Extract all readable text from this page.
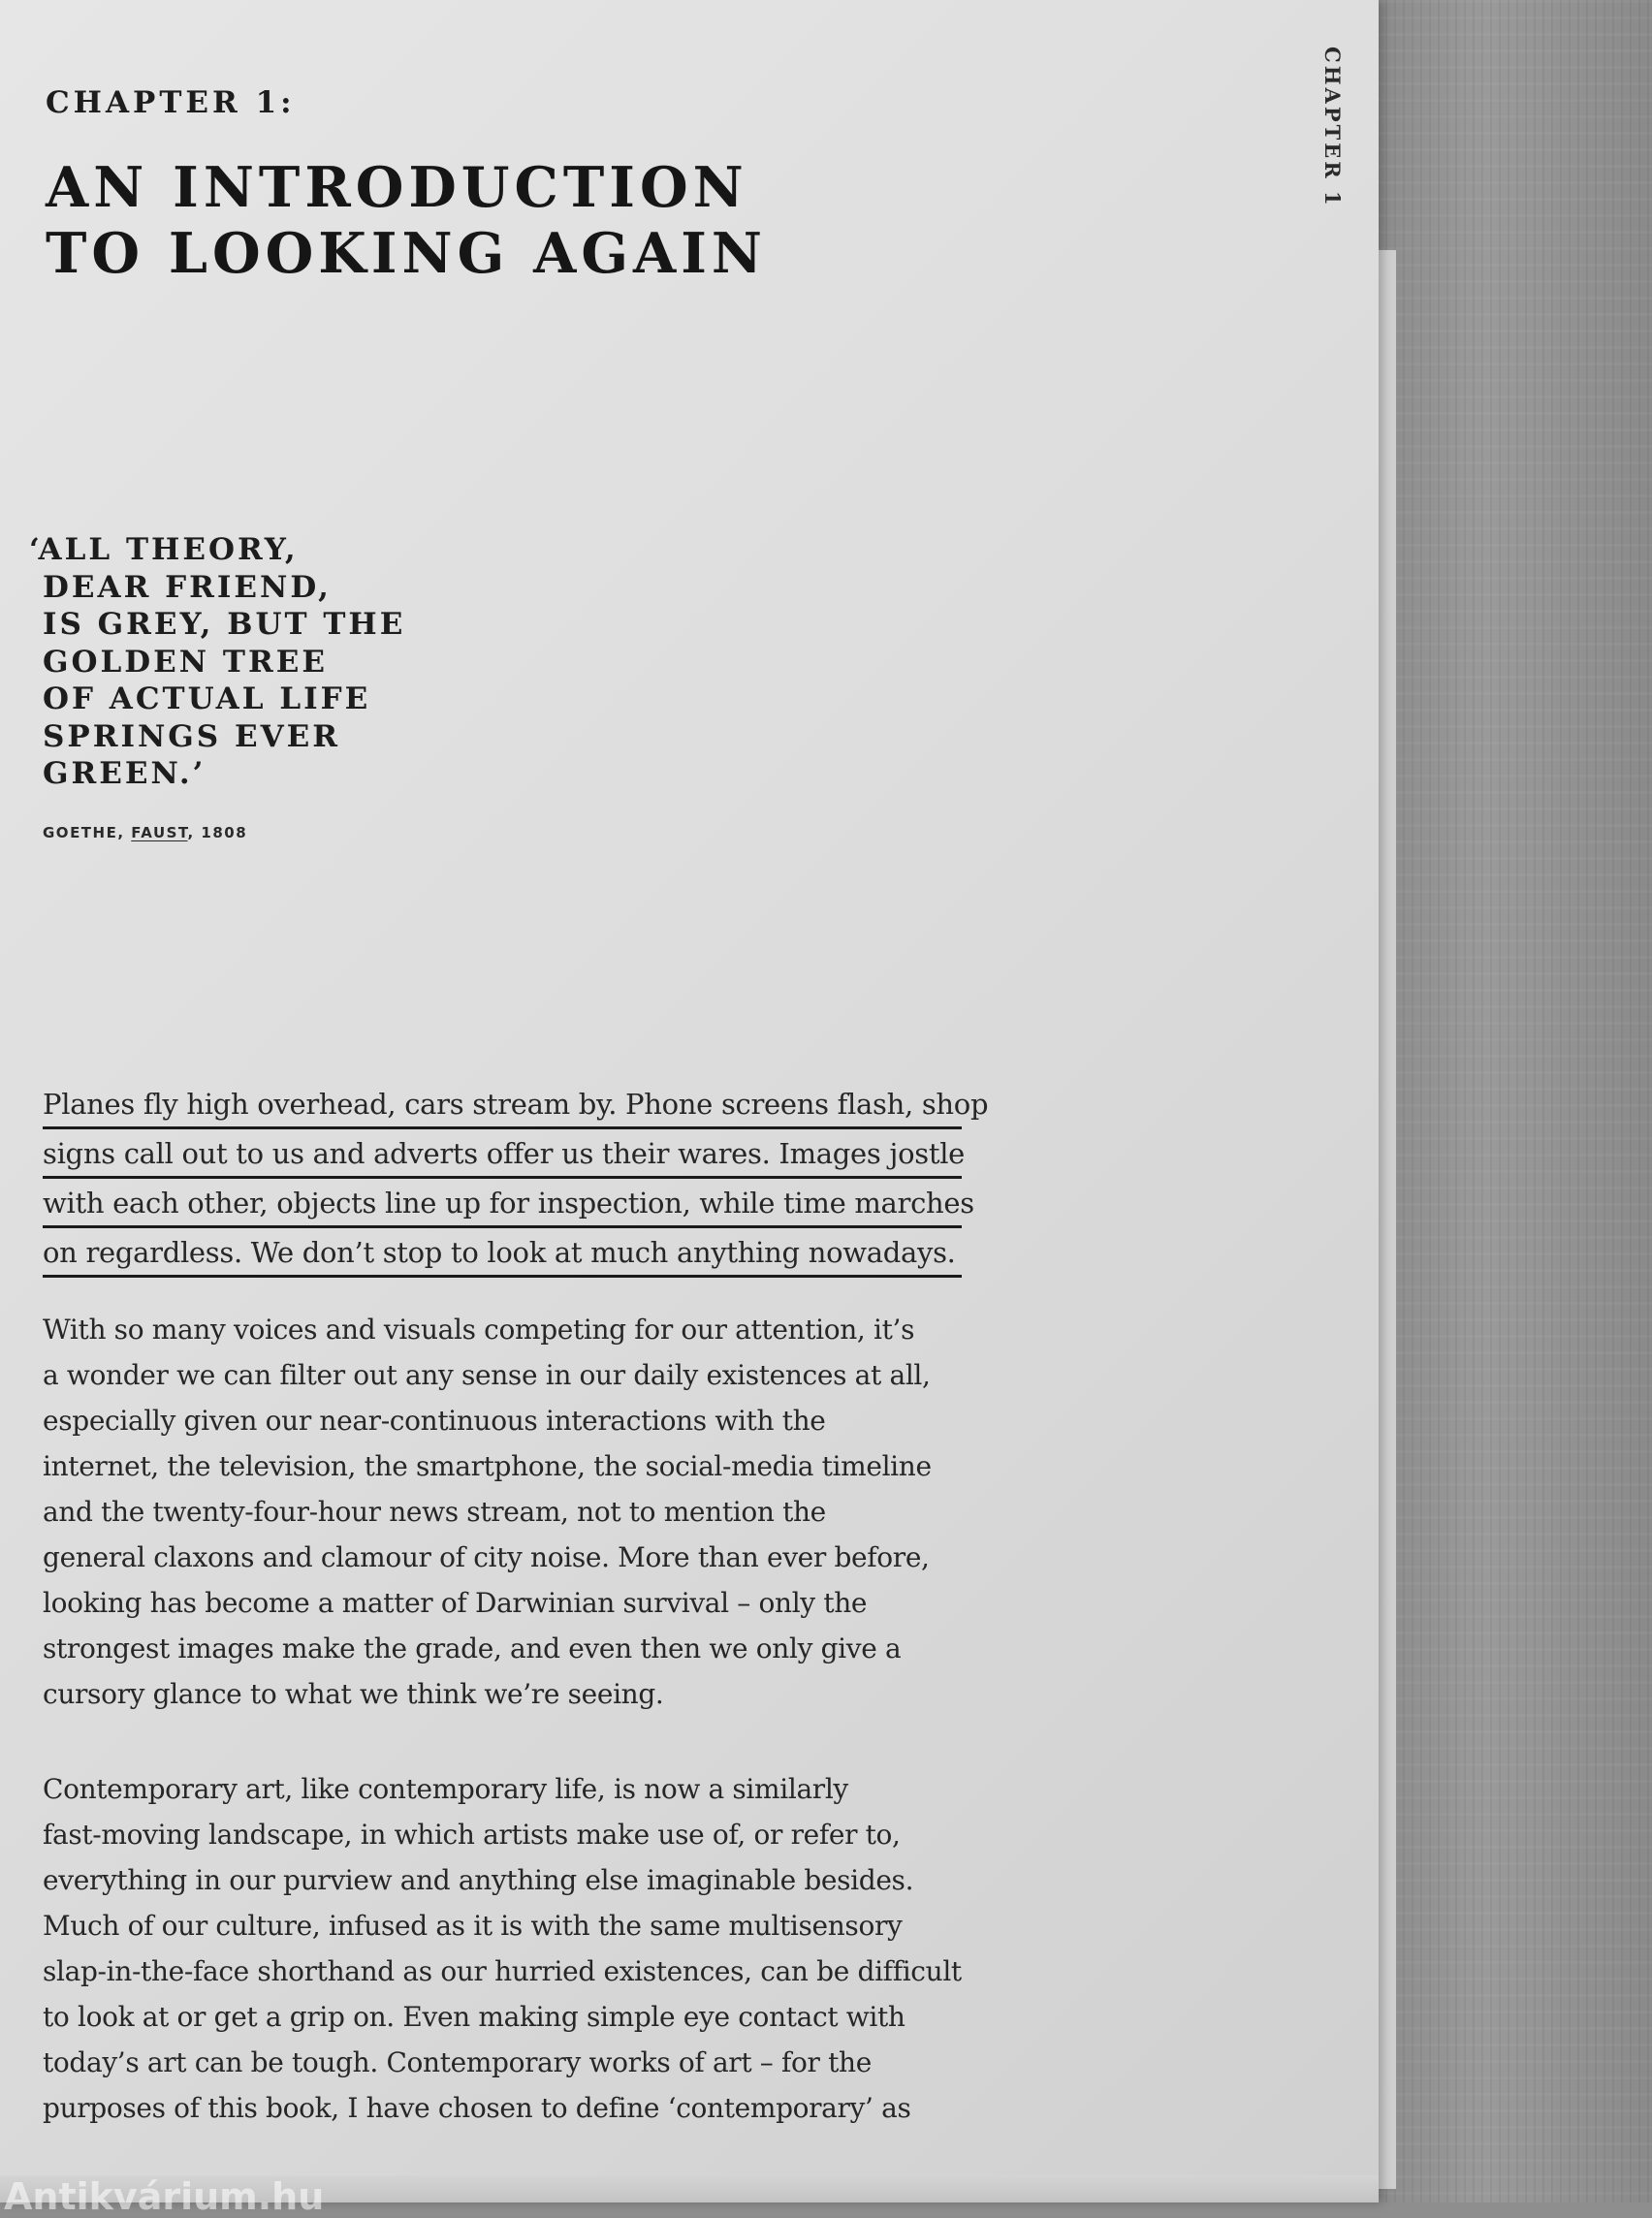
CHAPTER 1
CHAPTER 1:
AN INTRODUCTION
TO LOOKING AGAIN
‘ALL THEORY,
DEAR FRIEND,
IS GREY, BUT THE
GOLDEN TREE
OF ACTUAL LIFE
SPRINGS EVER
GREEN.’
GOETHE, FAUST, 1808
Planes fly high overhead, cars stream by. Phone screens flash, shop
signs call out to us and adverts offer us their wares. Images jostle
with each other, objects line up for inspection, while time marches
on regardless. We don’t stop to look at much anything nowadays.
With so many voices and visuals competing for our attention, it’s
a wonder we can filter out any sense in our daily existences at all,
especially given our near-continuous interactions with the
internet, the television, the smartphone, the social-media timeline
and the twenty-four-hour news stream, not to mention the
general claxons and clamour of city noise. More than ever before,
looking has become a matter of Darwinian survival – only the
strongest images make the grade, and even then we only give a
cursory glance to what we think we’re seeing.
Contemporary art, like contemporary life, is now a similarly
fast-moving landscape, in which artists make use of, or refer to,
everything in our purview and anything else imaginable besides.
Much of our culture, infused as it is with the same multisensory
slap-in-the-face shorthand as our hurried existences, can be difficult
to look at or get a grip on. Even making simple eye contact with
today’s art can be tough. Contemporary works of art – for the
purposes of this book, I have chosen to define ‘contemporary’ as
Antikvárium.hu
